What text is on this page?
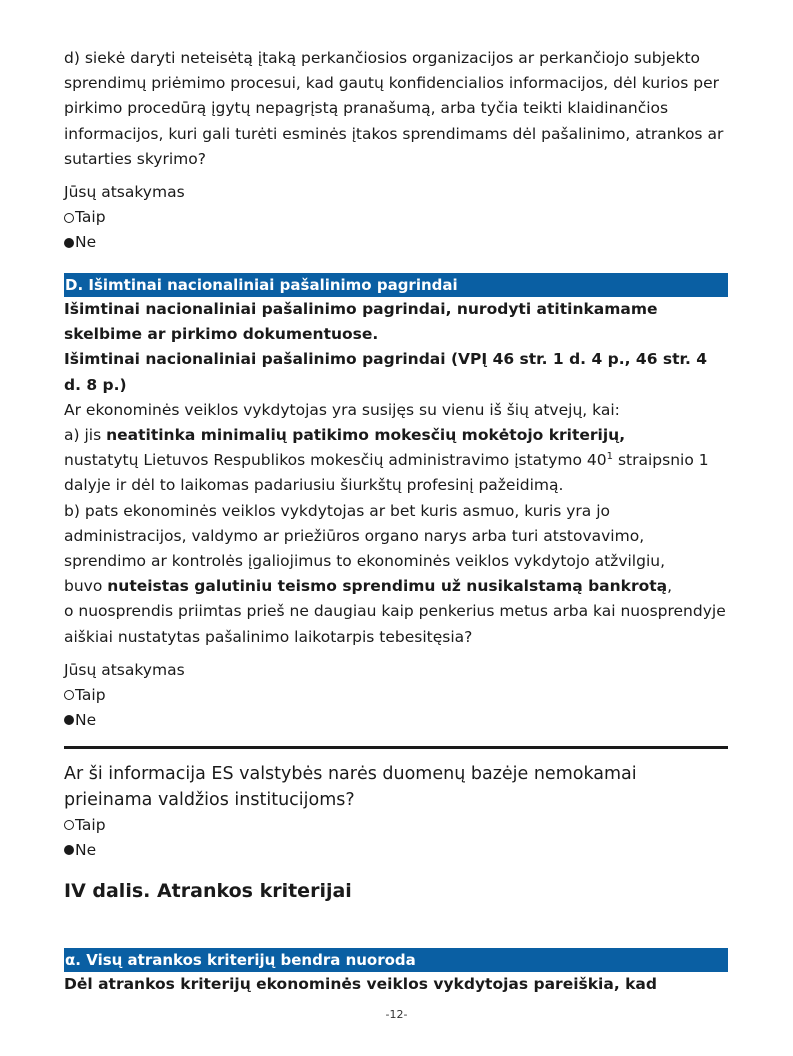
d) siekė daryti neteisėtą įtaką perkančiosios organizacijos ar perkančiojo subjekto sprendimų priėmimo procesui, kad gautų konfidencialios informacijos, dėl kurios per pirkimo procedūrą įgytų nepagrįstą pranašumą, arba tyčia teikti klaidinančios informacijos, kuri gali turėti esminės įtakos sprendimams dėl pašalinimo, atrankos ar sutarties skyrimo?

Jūsų atsakymas
Taip
Ne
D. Išimtinai nacionaliniai pašalinimo pagrindai

Išimtinai nacionaliniai pašalinimo pagrindai, nurodyti atitinkamame skelbime ar pirkimo dokumentuose.

Išimtinai nacionaliniai pašalinimo pagrindai (VPĮ 46 str. 1 d. 4 p., 46 str. 4 d. 8 p.)

Ar ekonominės veiklos vykdytojas yra susijęs su vienu iš šių atvejų, kai:

a) jis neatitinka minimalių patikimo mokesčių mokėtojo kriterijų,
nustatytų Lietuvos Respublikos mokesčių administravimo įstatymo $40^1$ straipsnio 1 dalyje ir dėl to laikomas padariusiu šiurkštų profesinį pažeidimą.

b) pats ekonominės veiklos vykdytojas ar bet kuris asmuo, kuris yra jo administracijos, valdymo ar priežiūros organo narys arba turi atstovavimo, sprendimo ar kontrolės įgaliojimus to ekonominės veiklos vykdytojo atžvilgiu,
buvo nuteistas galutiniu teismo sprendimu už nusikalstamą bankrotą,
o nuosprendis priimtas prieš ne daugiau kaip penkerius metus arba kai nuosprendyje aiškiai nustatytas pašalinimo laikotarpis tebesitęsia?

Jūsų atsakymas
Taip
Ne
Ar ši informacija ES valstybės narės duomenų bazėje nemokamai prieinama valdžios institucijoms?
Taip
Ne
IV dalis. Atrankos kriterijai
α. Visų atrankos kriterijų bendra nuoroda

Dėl atrankos kriterijų ekonominės veiklos vykdytojas pareiškia, kad

-12-
